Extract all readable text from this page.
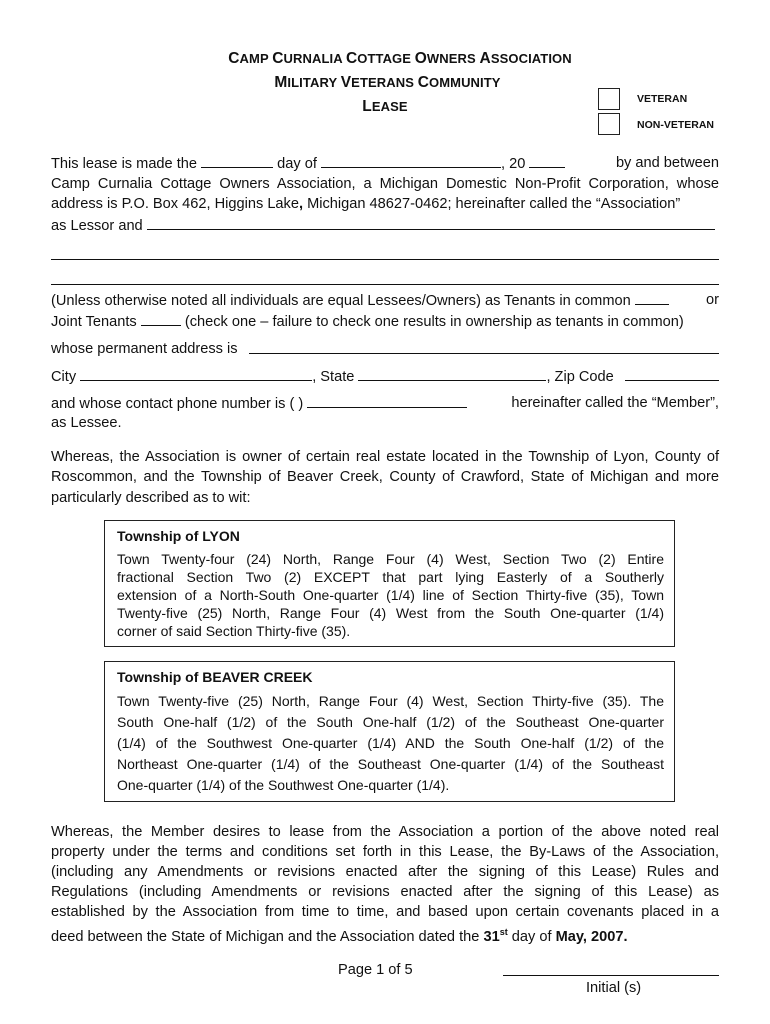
CAMP CURNALIA COTTAGE OWNERS ASSOCIATION
MILITARY VETERANS COMMUNITY
LEASE	VETERAN
NON-VETERAN
This lease is made the	day of	, 20	by and between
Camp Curnalia Cottage Owners Association, a Michigan Domestic Non-Profit Corporation, whose
address is P.O. Box 462, Higgins Lake, Michigan 48627-0462; hereinafter called the “Association”
as Lessor and
(Unless otherwise noted all individuals are equal Lessees/Owners) as Tenants in common	or
Joint Tenants	(check one – failure to check one results in ownership as tenants in common)
whose permanent address is
City	, State	, Zip Code
and whose contact phone number is ( )	hereinafter called the “Member”,
as Lessee.
Whereas, the Association is owner of certain real estate located in the Township of Lyon, County of
Roscommon, and the Township of Beaver Creek, County of Crawford, State of Michigan and more
particularly described as to wit:
Township of LYON
Town Twenty-four (24) North, Range Four (4) West, Section Two (2) Entire
fractional Section Two (2) EXCEPT that part lying Easterly of a Southerly
extension of a North-South One-quarter (1/4) line of Section Thirty-five (35), Town
Twenty-five (25) North, Range Four (4) West from the South One-quarter (1/4)
corner of said Section Thirty-five (35).
Township of BEAVER CREEK
Town Twenty-five (25) North, Range Four (4) West, Section Thirty-five (35). The
South One-half (1/2) of the South One-half (1/2) of the Southeast One-quarter
(1/4) of the Southwest One-quarter (1/4) AND the South One-half (1/2) of the
Northeast One-quarter (1/4) of the Southeast One-quarter (1/4) of the Southeast
One-quarter (1/4) of the Southwest One-quarter (1/4).
Whereas, the Member desires to lease from the Association a portion of the above noted real
property under the terms and conditions set forth in this Lease, the By-Laws of the Association,
(including any Amendments or revisions enacted after the signing of this Lease) Rules and
Regulations (including Amendments or revisions enacted after the signing of this Lease) as
established by the Association from time to time, and based upon certain covenants placed in a
deed between the State of Michigan and the Association dated the 31st day of May, 2007.
Page 1 of 5
Initial (s)
